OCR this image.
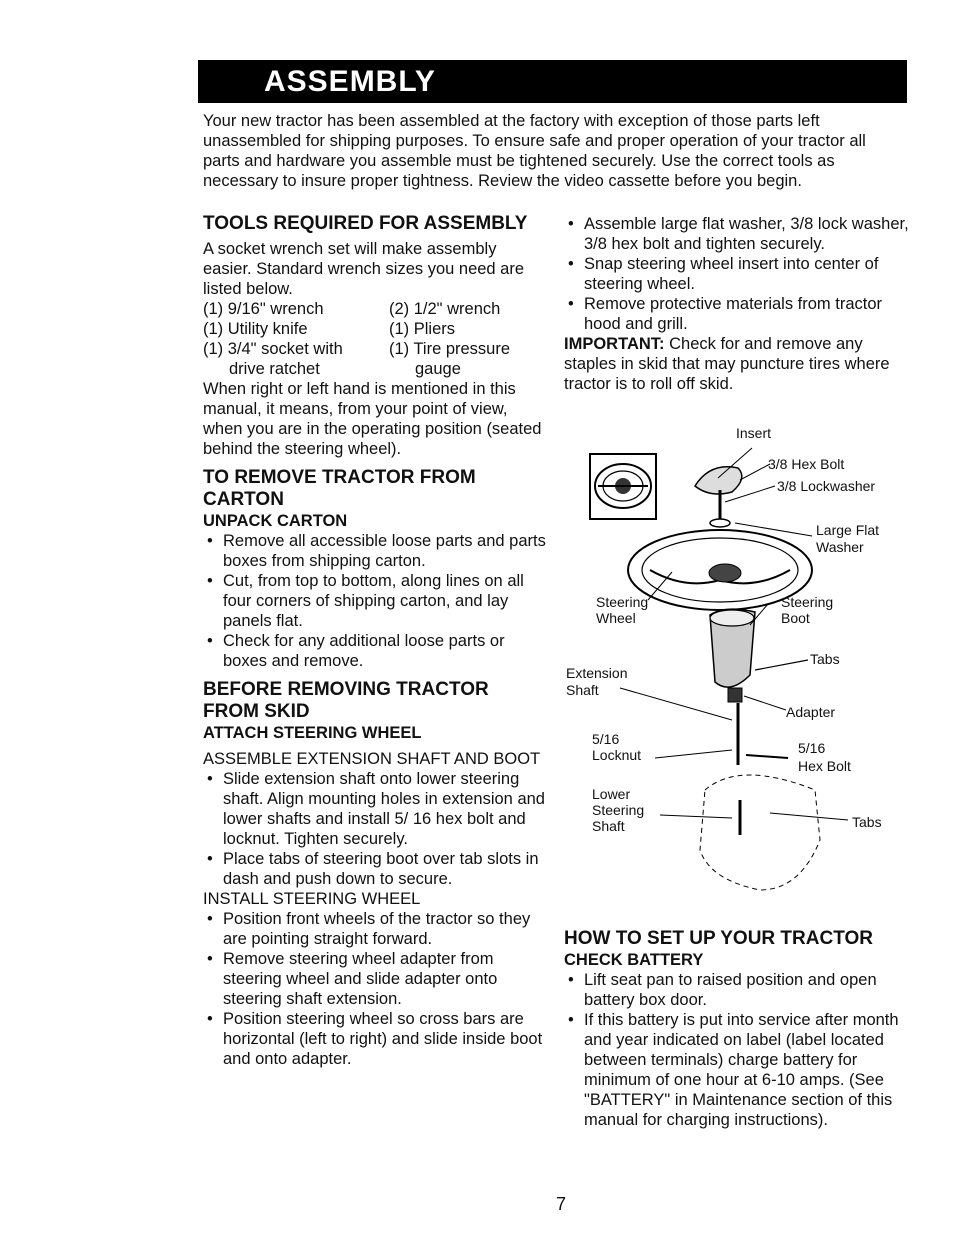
ASSEMBLY

Your new tractor has been assembled at the factory with exception of those parts left unassembled for shipping purposes. To ensure safe and proper operation of your tractor all parts and hardware you assemble must be tightened securely. Use the correct tools as necessary to insure proper tightness. Review the video cassette before you begin.

TOOLS REQUIRED FOR ASSEMBLY

A socket wrench set will make assembly easier. Standard wrench sizes you need are listed below.

(1) 9/16" wrench	(2) 1/2" wrench
(1) Utility knife	(1) Pliers
(1) 3/4" socket with	(1) Tire pressure
drive ratchet	gauge

When right or left hand is mentioned in this manual, it means, from your point of view, when you are in the operating position (seated behind the steering wheel).

TO REMOVE TRACTOR FROM CARTON
UNPACK CARTON
• Remove all accessible loose parts and parts boxes from shipping carton.
• Cut, from top to bottom, along lines on all four corners of shipping carton, and lay panels flat.
• Check for any additional loose parts or boxes and remove.
BEFORE REMOVING TRACTOR FROM SKID
ATTACH STEERING WHEEL

ASSEMBLE EXTENSION SHAFT AND BOOT

• Slide extension shaft onto lower steering shaft. Align mounting holes in extension and lower shafts and install 5/ 16 hex bolt and locknut. Tighten securely.
• Place tabs of steering boot over tab slots in dash and push down to secure.

INSTALL STEERING WHEEL

• Position front wheels of the tractor so they are pointing straight forward.
• Remove steering wheel adapter from steering wheel and slide adapter onto steering shaft extension.
• Position steering wheel so cross bars are horizontal (left to right) and slide inside boot and onto adapter.
• Assemble large flat washer, 3/8 lock washer, 3/8 hex bolt and tighten securely.
• Snap steering wheel insert into center of steering wheel.
• Remove protective materials from tractor hood and grill.

IMPORTANT: Check for and remove any staples in skid that may puncture tires where tractor is to roll off skid.

Insert
3/8 Hex Bolt
3/8 Lockwasher
Large Flat
Washer
Steering
Wheel
Steering
Boot
Tabs
Extension
Shaft
Adapter
5/16
Locknut	5/16
Hex Bolt
Lower
Steering
Shaft	Tabs
HOW TO SET UP YOUR TRACTOR
CHECK BATTERY
• Lift seat pan to raised position and open battery box door.
• If this battery is put into service after month and year indicated on label (label located between terminals) charge battery for minimum of one hour at 6-10 amps. (See "BATTERY" in Maintenance section of this manual for charging instructions).
7
